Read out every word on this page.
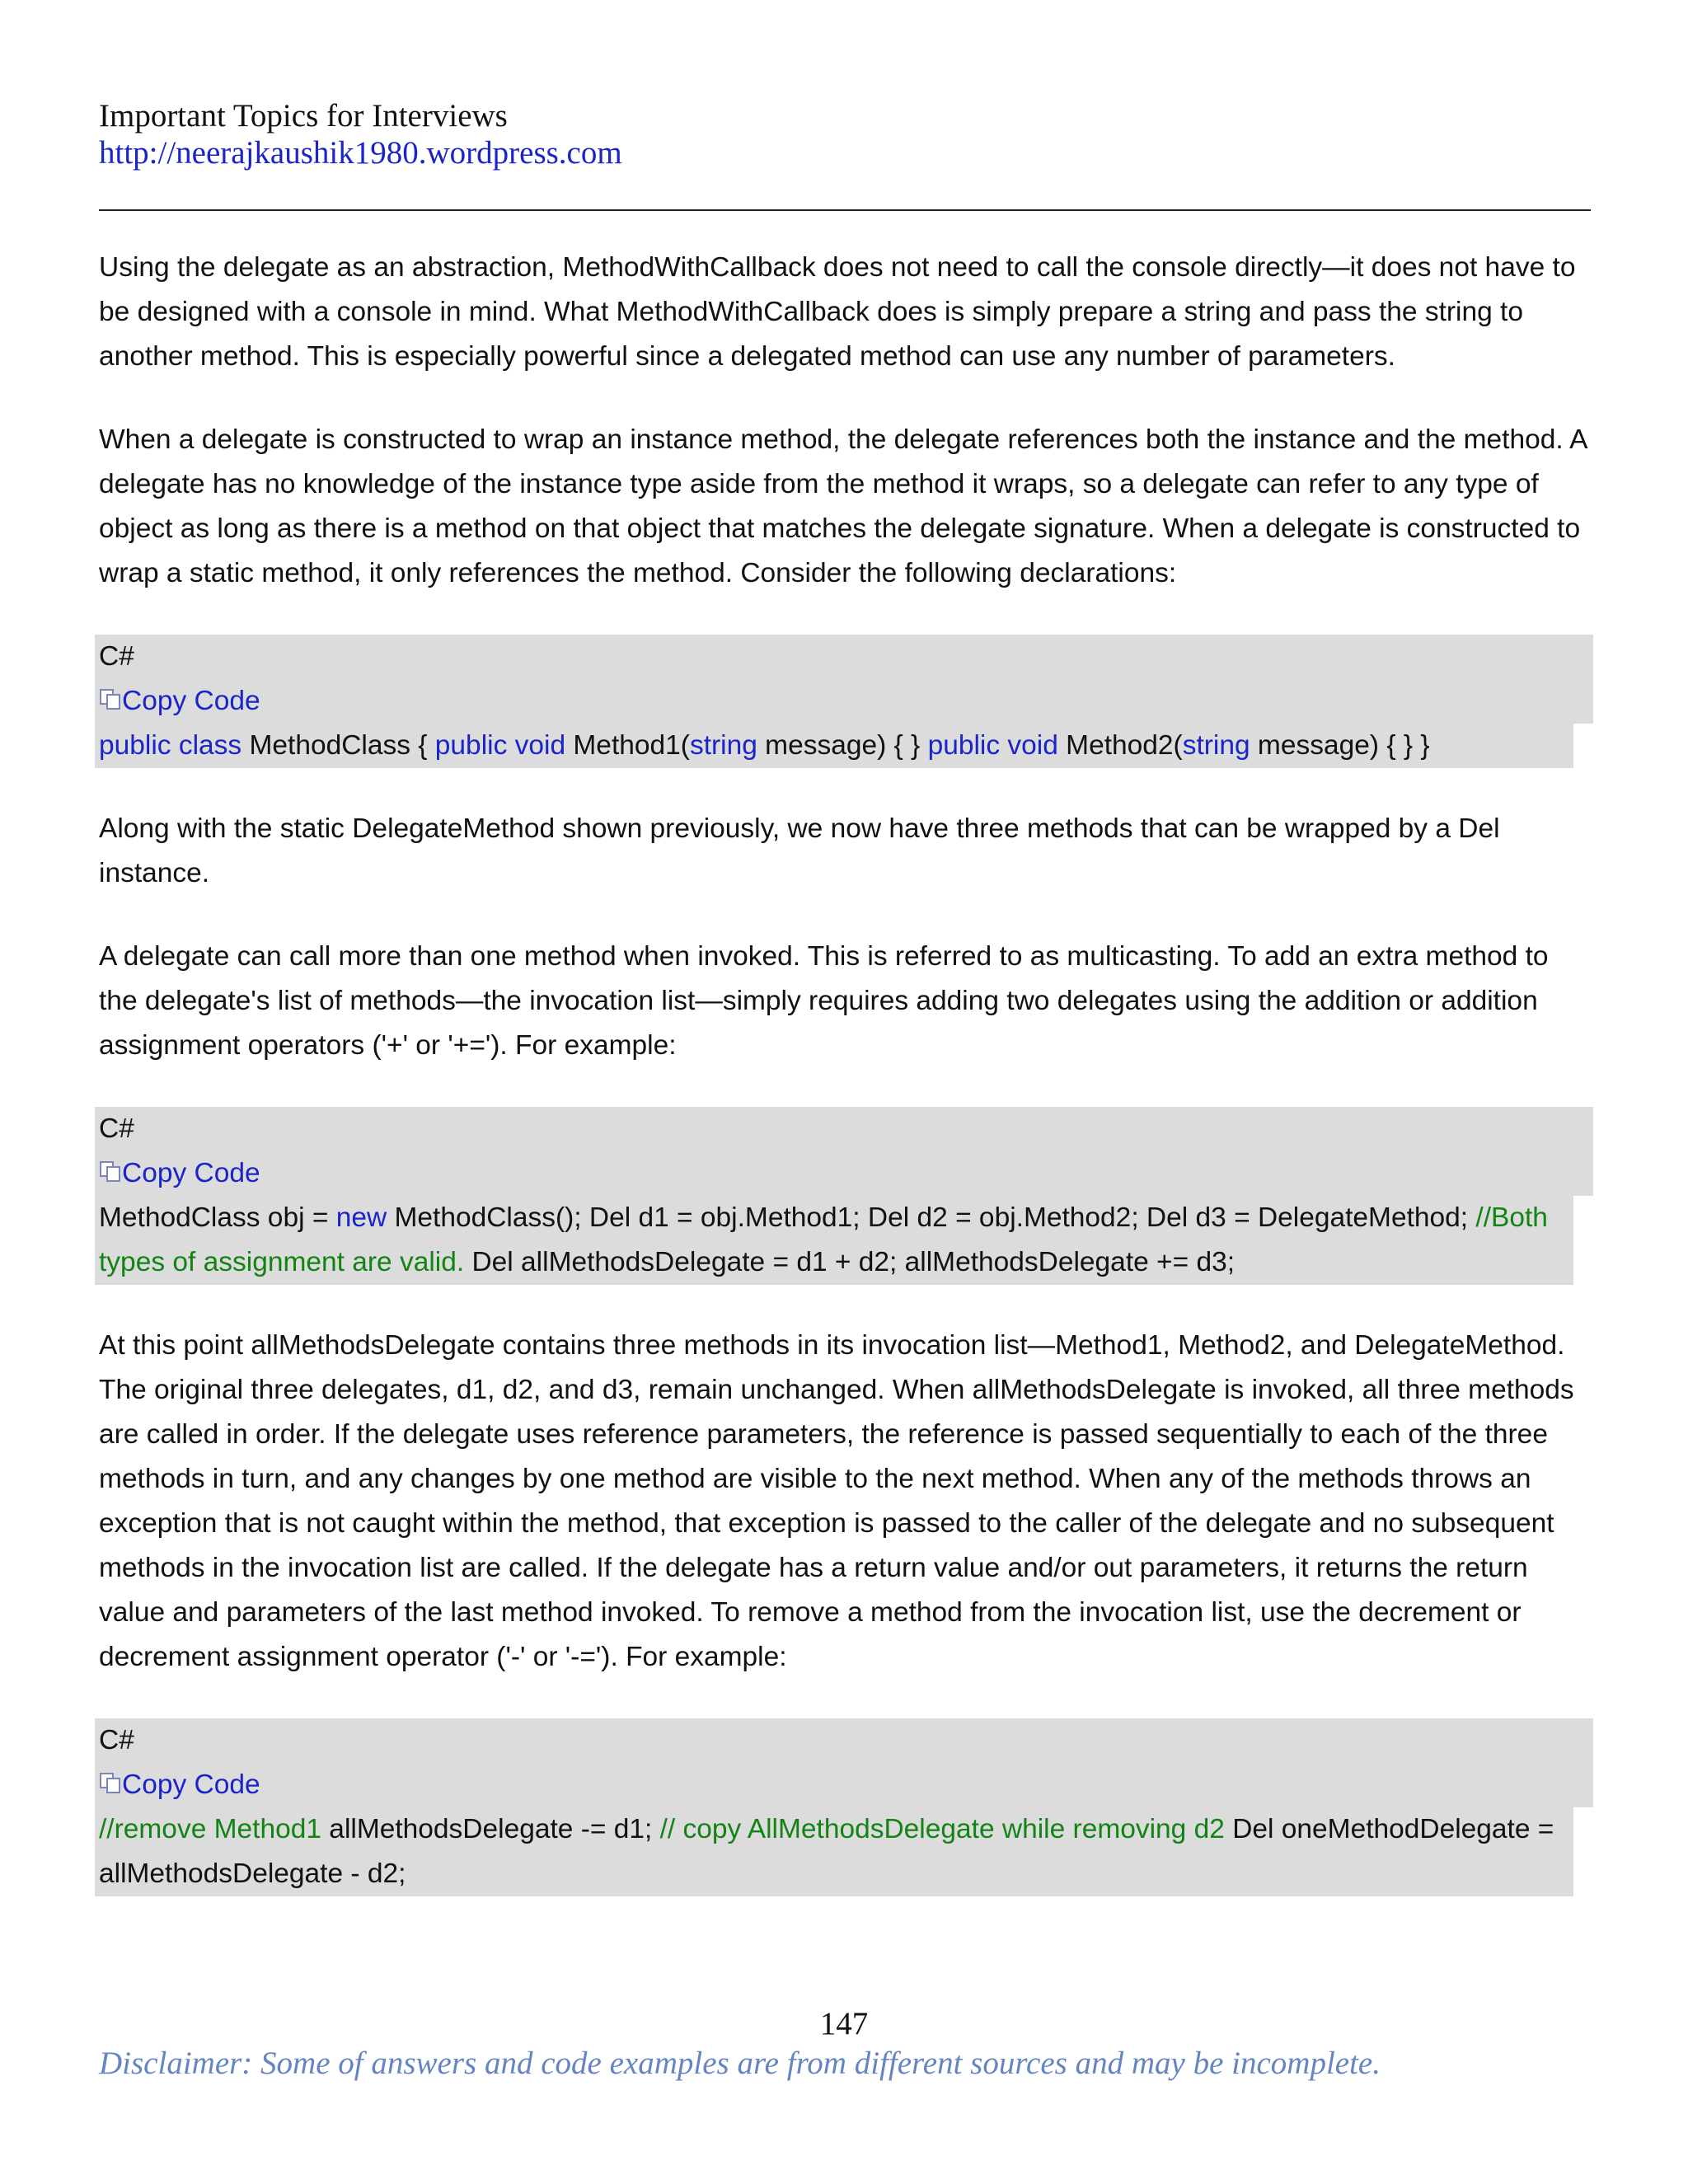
Important Topics for Interviews
http://neerajkaushik1980.wordpress.com

Using the delegate as an abstraction, MethodWithCallback does not need to call the console directly—it does not have to be designed with a console in mind. What MethodWithCallback does is simply prepare a string and pass the string to another method. This is especially powerful since a delegated method can use any number of parameters.

When a delegate is constructed to wrap an instance method, the delegate references both the instance and the method. A delegate has no knowledge of the instance type aside from the method it wraps, so a delegate can refer to any type of object as long as there is a method on that object that matches the delegate signature. When a delegate is constructed to wrap a static method, it only references the method. Consider the following declarations:

C#
Copy Code
public class MethodClass { public void Method1(string message) { } public void Method2(string message) { } }

Along with the static DelegateMethod shown previously, we now have three methods that can be wrapped by a Del instance.

A delegate can call more than one method when invoked. This is referred to as multicasting. To add an extra method to the delegate's list of methods—the invocation list—simply requires adding two delegates using the addition or addition assignment operators ('+' or '+='). For example:

C#
Copy Code
MethodClass obj = new MethodClass(); Del d1 = obj.Method1; Del d2 = obj.Method2; Del d3 = DelegateMethod; //Both types of assignment are valid. Del allMethodsDelegate = d1 + d2; allMethodsDelegate += d3;

At this point allMethodsDelegate contains three methods in its invocation list—Method1, Method2, and DelegateMethod. The original three delegates, d1, d2, and d3, remain unchanged. When allMethodsDelegate is invoked, all three methods are called in order. If the delegate uses reference parameters, the reference is passed sequentially to each of the three methods in turn, and any changes by one method are visible to the next method. When any of the methods throws an exception that is not caught within the method, that exception is passed to the caller of the delegate and no subsequent methods in the invocation list are called. If the delegate has a return value and/or out parameters, it returns the return value and parameters of the last method invoked. To remove a method from the invocation list, use the decrement or decrement assignment operator ('-' or '-='). For example:

C#
Copy Code
//remove Method1 allMethodsDelegate -= d1; // copy AllMethodsDelegate while removing d2 Del oneMethodDelegate = allMethodsDelegate - d2;
147
Disclaimer: Some of answers and code examples are from different sources and may be incomplete.
